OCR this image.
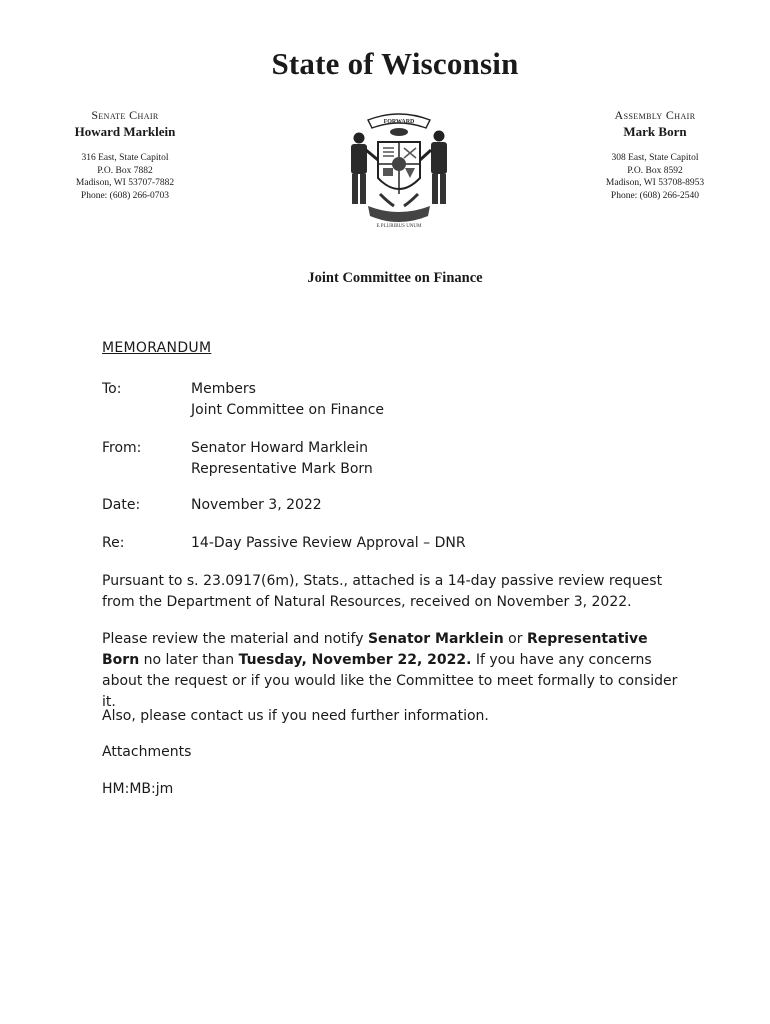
State of Wisconsin
Senate Chair
Howard Marklein
316 East, State Capitol
P.O. Box 7882
Madison, WI 53707-7882
Phone: (608) 266-0703
FORWARD
E PLURIBUS UNUM
Assembly Chair
Mark Born
308 East, State Capitol
P.O. Box 8592
Madison, WI 53708-8953
Phone: (608) 266-2540
Joint Committee on Finance
MEMORANDUM
To:	Members
Joint Committee on Finance
From:	Senator Howard Marklein
Representative Mark Born
Date:	November 3, 2022
Re:	14-Day Passive Review Approval – DNR
Pursuant to s. 23.0917(6m), Stats., attached is a 14-day passive review request from the Department of Natural Resources, received on November 3, 2022.
Please review the material and notify Senator Marklein or Representative Born no later than Tuesday, November 22, 2022. If you have any concerns about the request or if you would like the Committee to meet formally to consider it.
Also, please contact us if you need further information.
Attachments
HM:MB:jm
